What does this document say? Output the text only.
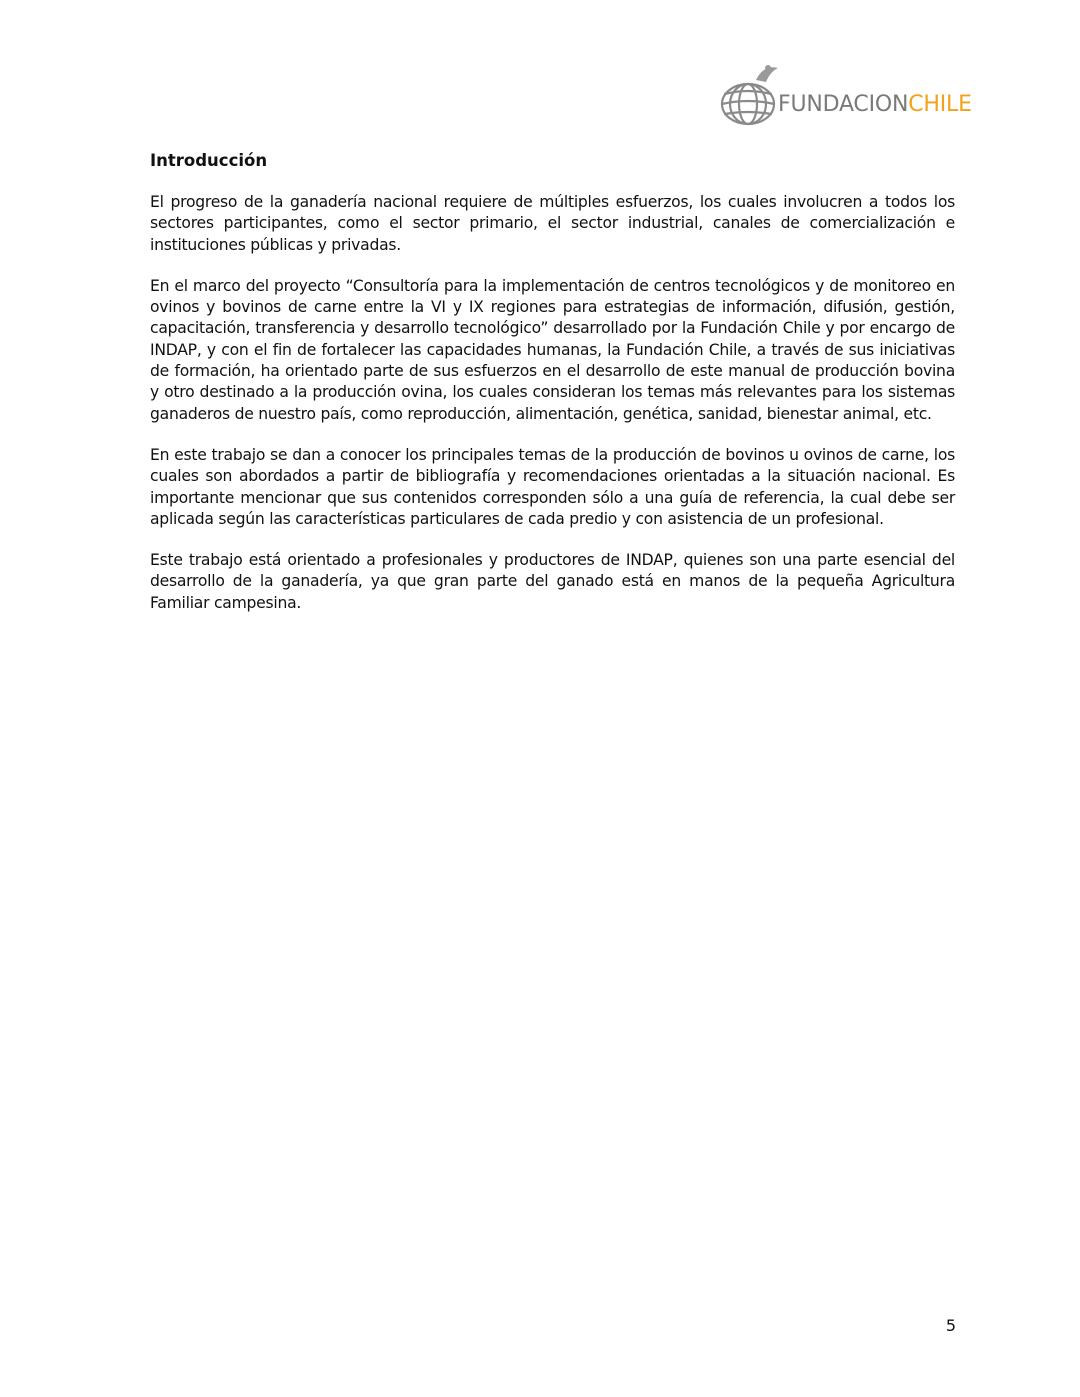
FUNDACIONCHILE
Introducción

El progreso de la ganadería nacional requiere de múltiples esfuerzos, los cuales involucren a todos los sectores participantes, como el sector primario, el sector industrial, canales de comercialización e instituciones públicas y privadas.

En el marco del proyecto “Consultoría para la implementación de centros tecnológicos y de monitoreo en ovinos y bovinos de carne entre la VI y IX regiones para estrategias de información, difusión, gestión, capacitación, transferencia y desarrollo tecnológico” desarrollado por la Fundación Chile y por encargo de INDAP, y con el fin de fortalecer las capacidades humanas, la Fundación Chile, a través de sus iniciativas de formación, ha orientado parte de sus esfuerzos en el desarrollo de este manual de producción bovina y otro destinado a la producción ovina, los cuales consideran los temas más relevantes para los sistemas ganaderos de nuestro país, como reproducción, alimentación, genética, sanidad, bienestar animal, etc.

En este trabajo se dan a conocer los principales temas de la producción de bovinos u ovinos de carne, los cuales son abordados a partir de bibliografía y recomendaciones orientadas a la situación nacional. Es importante mencionar que sus contenidos corresponden sólo a una guía de referencia, la cual debe ser aplicada según las características particulares de cada predio y con asistencia de un profesional.

Este trabajo está orientado a profesionales y productores de INDAP, quienes son una parte esencial del desarrollo de la ganadería, ya que gran parte del ganado está en manos de la pequeña Agricultura Familiar campesina.

5
